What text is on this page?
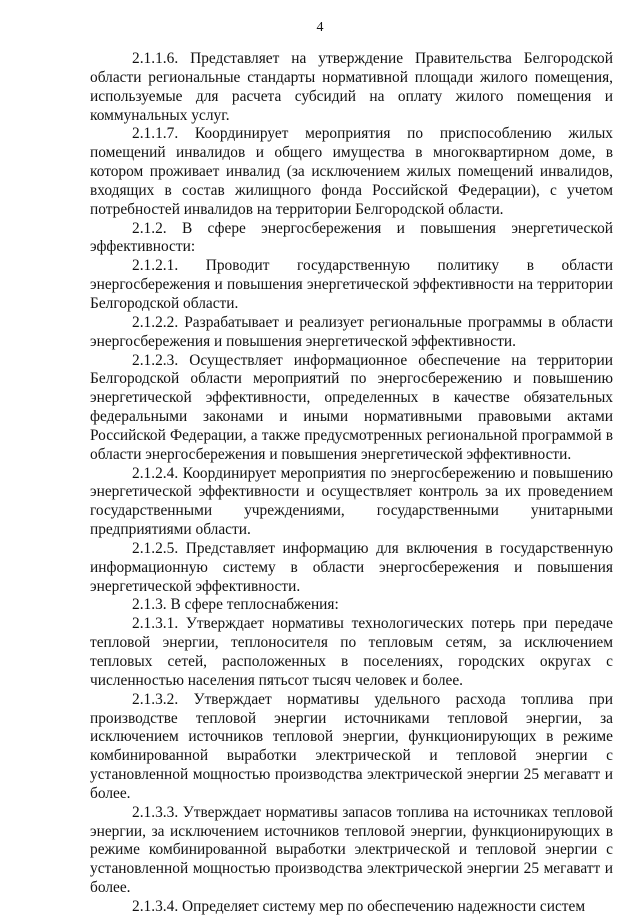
4

2.1.1.6. Представляет на утверждение Правительства Белгородской области региональные стандарты нормативной площади жилого помещения, используемые для расчета субсидий на оплату жилого помещения и коммунальных услуг.

2.1.1.7. Координирует мероприятия по приспособлению жилых помещений инвалидов и общего имущества в многоквартирном доме, в котором проживает инвалид (за исключением жилых помещений инвалидов, входящих в состав жилищного фонда Российской Федерации), с учетом потребностей инвалидов на территории Белгородской области.

2.1.2. В сфере энергосбережения и повышения энергетической эффективности:

2.1.2.1. Проводит государственную политику в области энергосбережения и повышения энергетической эффективности на территории Белгородской области.

2.1.2.2. Разрабатывает и реализует региональные программы в области энергосбережения и повышения энергетической эффективности.

2.1.2.3. Осуществляет информационное обеспечение на территории Белгородской области мероприятий по энергосбережению и повышению энергетической эффективности, определенных в качестве обязательных федеральными законами и иными нормативными правовыми актами Российской Федерации, а также предусмотренных региональной программой в области энергосбережения и повышения энергетической эффективности.

2.1.2.4. Координирует мероприятия по энергосбережению и повышению энергетической эффективности и осуществляет контроль за их проведением государственными учреждениями, государственными унитарными предприятиями области.

2.1.2.5. Представляет информацию для включения в государственную информационную систему в области энергосбережения и повышения энергетической эффективности.

2.1.3. В сфере теплоснабжения:

2.1.3.1. Утверждает нормативы технологических потерь при передаче тепловой энергии, теплоносителя по тепловым сетям, за исключением тепловых сетей, расположенных в поселениях, городских округах с численностью населения пятьсот тысяч человек и более.

2.1.3.2. Утверждает нормативы удельного расхода топлива при производстве тепловой энергии источниками тепловой энергии, за исключением источников тепловой энергии, функционирующих в режиме комбинированной выработки электрической и тепловой энергии с установленной мощностью производства электрической энергии 25 мегаватт и более.

2.1.3.3. Утверждает нормативы запасов топлива на источниках тепловой энергии, за исключением источников тепловой энергии, функционирующих в режиме комбинированной выработки электрической и тепловой энергии с установленной мощностью производства электрической энергии 25 мегаватт и более.

2.1.3.4. Определяет систему мер по обеспечению надежности систем
